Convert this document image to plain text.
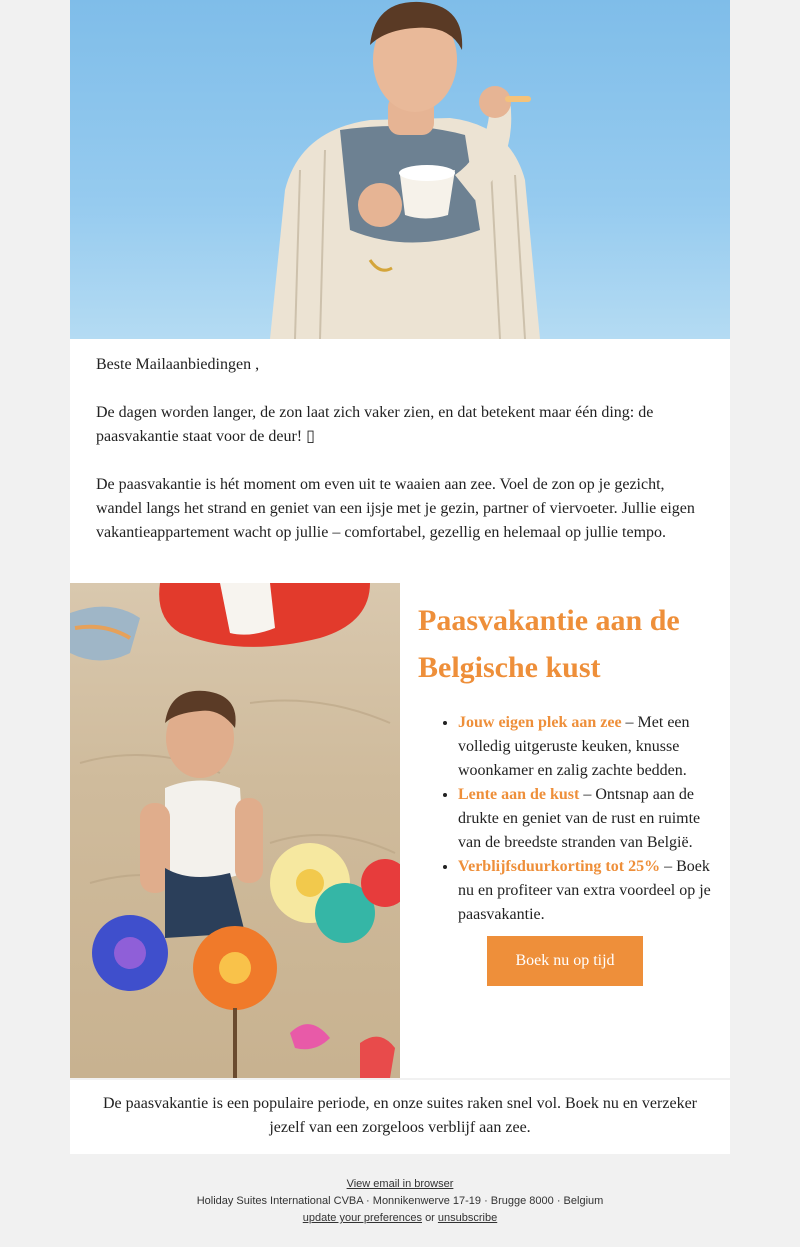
Beste Mailaanbiedingen ,

De dagen worden langer, de zon laat zich vaker zien, en dat betekent maar één ding: de paasvakantie staat voor de deur! ▯

De paasvakantie is hét moment om even uit te waaien aan zee. Voel de zon op je gezicht, wandel langs het strand en geniet van een ijsje met je gezin, partner of viervoeter. Jullie eigen vakantieappartement wacht op jullie – comfortabel, gezellig en helemaal op jullie tempo.

Paasvakantie aan de Belgische kust
• Jouw eigen plek aan zee – Met een volledig uitgeruste keuken, knusse woonkamer en zalig zachte bedden.
• Lente aan de kust – Ontsnap aan de drukte en geniet van de rust en ruimte van de breedste stranden van België.
• Verblijfsduurkorting tot 25% – Boek nu en profiteer van extra voordeel op je paasvakantie.
Boek nu op tijd
De paasvakantie is een populaire periode, en onze suites raken snel vol. Boek nu en verzeker jezelf van een zorgeloos verblijf aan zee.
View email in browser
Holiday Suites International CVBA · Monnikenwerve 17-19 · Brugge 8000 · Belgium
update your preferences or unsubscribe
